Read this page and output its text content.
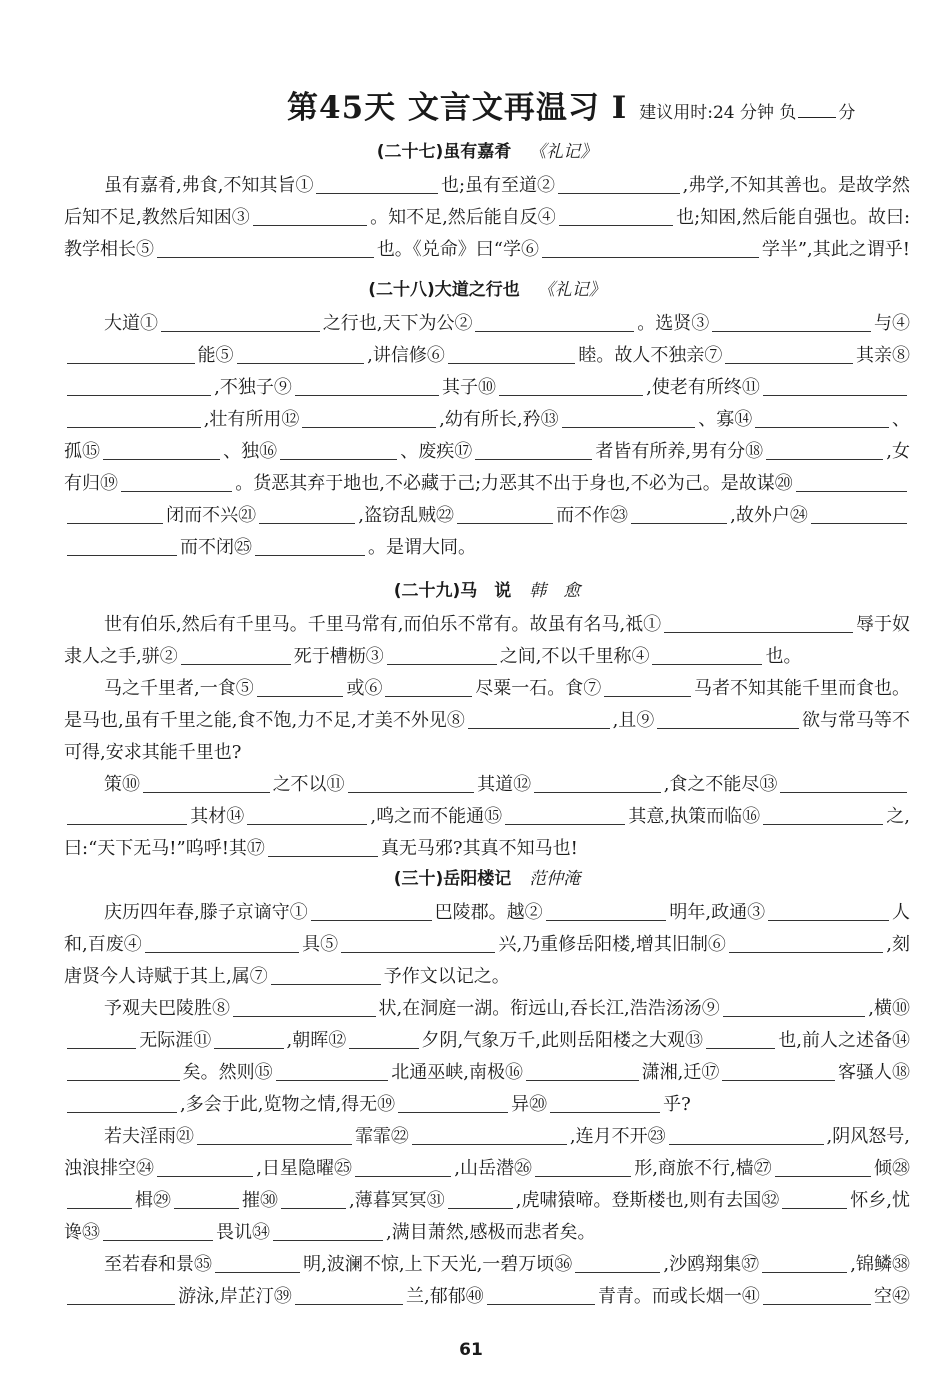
第45天 文言文再温习 I 建议用时:24 分钟 负 分
(二十七)虽有嘉肴 《礼记》
虽有嘉肴,弗食,不知其旨①	也;虽有至道②	,弗学,不知其善也。是故学然
后知不足,教然后知困③	。知不足,然后能自反④	也;知困,然后能自强也。故曰:
教学相长⑤	也。《兑命》曰“学⑥	学半”,其此之谓乎!
(二十八)大道之行也 《礼记》
大道①	之行也,天下为公②	。选贤③	与④
能⑤	,讲信修⑥	睦。故人不独亲⑦	其亲⑧
,不独子⑨	其子⑩	,使老有所终⑪
,壮有所用⑫	,幼有所长,矜⑬	、寡⑭	、
孤⑮	、独⑯	、废疾⑰	者皆有所养,男有分⑱	,女
有归⑲	。货恶其弃于地也,不必藏于己;力恶其不出于身也,不必为己。是故谋⑳
闭而不兴㉑	,盗窃乱贼㉒	而不作㉓	,故外户㉔
而不闭㉕	。是谓大同。
(二十九)马　说 韩　愈
世有伯乐,然后有千里马。千里马常有,而伯乐不常有。故虽有名马,祗①	辱于奴
隶人之手,骈②	死于槽枥③	之间,不以千里称④	也。
马之千里者,一食⑤	或⑥	尽粟一石。食⑦	马者不知其能千里而食也。
是马也,虽有千里之能,食不饱,力不足,才美不外见⑧	,且⑨	欲与常马等不
可得,安求其能千里也?
策⑩	之不以⑪	其道⑫	,食之不能尽⑬
其材⑭	,鸣之而不能通⑮	其意,执策而临⑯	之,
曰:“天下无马!”呜呼!其⑰	真无马邪?其真不知马也!
(三十)岳阳楼记 范仲淹
庆历四年春,滕子京谪守①	巴陵郡。越②	明年,政通③	人
和,百废④	具⑤	兴,乃重修岳阳楼,增其旧制⑥	,刻
唐贤今人诗赋于其上,属⑦	予作文以记之。
予观夫巴陵胜⑧	状,在洞庭一湖。衔远山,吞长江,浩浩汤汤⑨	,横⑩
无际涯⑪	,朝晖⑫	夕阴,气象万千,此则岳阳楼之大观⑬	也,前人之述备⑭
矣。然则⑮	北通巫峡,南极⑯	潇湘,迁⑰	客骚人⑱
,多会于此,览物之情,得无⑲	异⑳	乎?
若夫淫雨㉑	霏霏㉒	,连月不开㉓	,阴风怒号,
浊浪排空㉔	,日星隐曜㉕	,山岳潜㉖	形,商旅不行,樯㉗	倾㉘
楫㉙	摧㉚	,薄暮冥冥㉛	,虎啸猿啼。登斯楼也,则有去国㉜	怀乡,忧
谗㉝	畏讥㉞	,满目萧然,感极而悲者矣。
至若春和景㉟	明,波澜不惊,上下天光,一碧万顷㊱	,沙鸥翔集㊲	,锦鳞㊳
游泳,岸芷汀㊴	兰,郁郁㊵	青青。而或长烟一㊶	空㊷
61
